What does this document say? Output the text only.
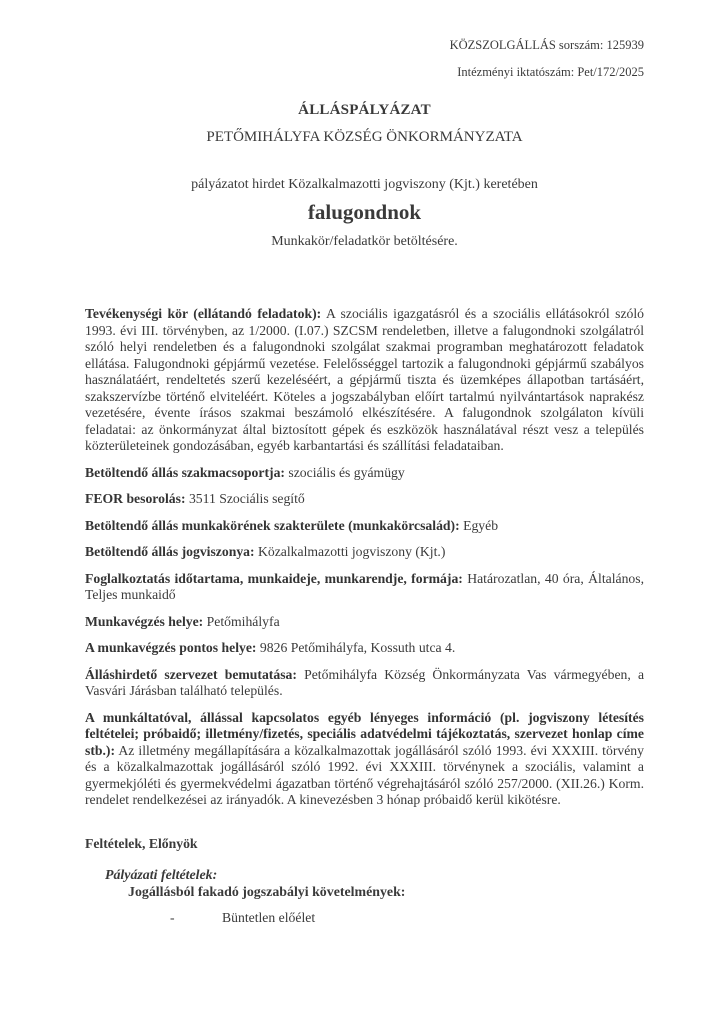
KÖZSZOLGÁLLÁS sorszám: 125939
Intézményi iktatószám: Pet/172/2025
ÁLLÁSPÁLYÁZAT
PETŐMIHÁLYFA KÖZSÉG ÖNKORMÁNYZATA
pályázatot hirdet Közalkalmazotti jogviszony (Kjt.) keretében
falugondnok
Munkakör/feladatkör betöltésére.

Tevékenységi kör (ellátandó feladatok): A szociális igazgatásról és a szociális ellátásokról szóló 1993. évi III. törvényben, az 1/2000. (I.07.) SZCSM rendeletben, illetve a falugondnoki szolgálatról szóló helyi rendeletben és a falugondnoki szolgálat szakmai programban meghatározott feladatok ellátása. Falugondnoki gépjármű vezetése. Felelősséggel tartozik a falugondnoki gépjármű szabályos használatáért, rendeltetés szerű kezeléséért, a gépjármű tiszta és üzemképes állapotban tartásáért, szakszervízbe történő elviteléért. Köteles a jogszabályban előírt tartalmú nyilvántartások naprakész vezetésére, évente írásos szakmai beszámoló elkészítésére. A falugondnok szolgálaton kívüli feladatai: az önkormányzat által biztosított gépek és eszközök használatával részt vesz a település közterületeinek gondozásában, egyéb karbantartási és szállítási feladataiban.

Betöltendő állás szakmacsoportja: szociális és gyámügy

FEOR besorolás: 3511 Szociális segítő

Betöltendő állás munkakörének szakterülete (munkakörcsalád): Egyéb

Betöltendő állás jogviszonya: Közalkalmazotti jogviszony (Kjt.)

Foglalkoztatás időtartama, munkaideje, munkarendje, formája: Határozatlan, 40 óra, Általános, Teljes munkaidő

Munkavégzés helye: Petőmihályfa

A munkavégzés pontos helye: 9826 Petőmihályfa, Kossuth utca 4.

Álláshirdető szervezet bemutatása: Petőmihályfa Község Önkormányzata Vas vármegyében, a Vasvári Járásban található település.

A munkáltatóval, állással kapcsolatos egyéb lényeges információ (pl. jogviszony létesítés feltételei; próbaidő; illetmény/fizetés, speciális adatvédelmi tájékoztatás, szervezet honlap címe stb.): Az illetmény megállapítására a közalkalmazottak jogállásáról szóló 1993. évi XXXIII. törvény és a közalkalmazottak jogállásáról szóló 1992. évi XXXIII. törvénynek a szociális, valamint a gyermekjóléti és gyermekvédelmi ágazatban történő végrehajtásáról szóló 257/2000. (XII.26.) Korm. rendelet rendelkezései az irányadók. A kinevezésben 3 hónap próbaidő kerül kikötésre.

Feltételek, Előnyök

Pályázati feltételek:

Jogállásból fakadó jogszabályi követelmények:

-	Büntetlen előélet
